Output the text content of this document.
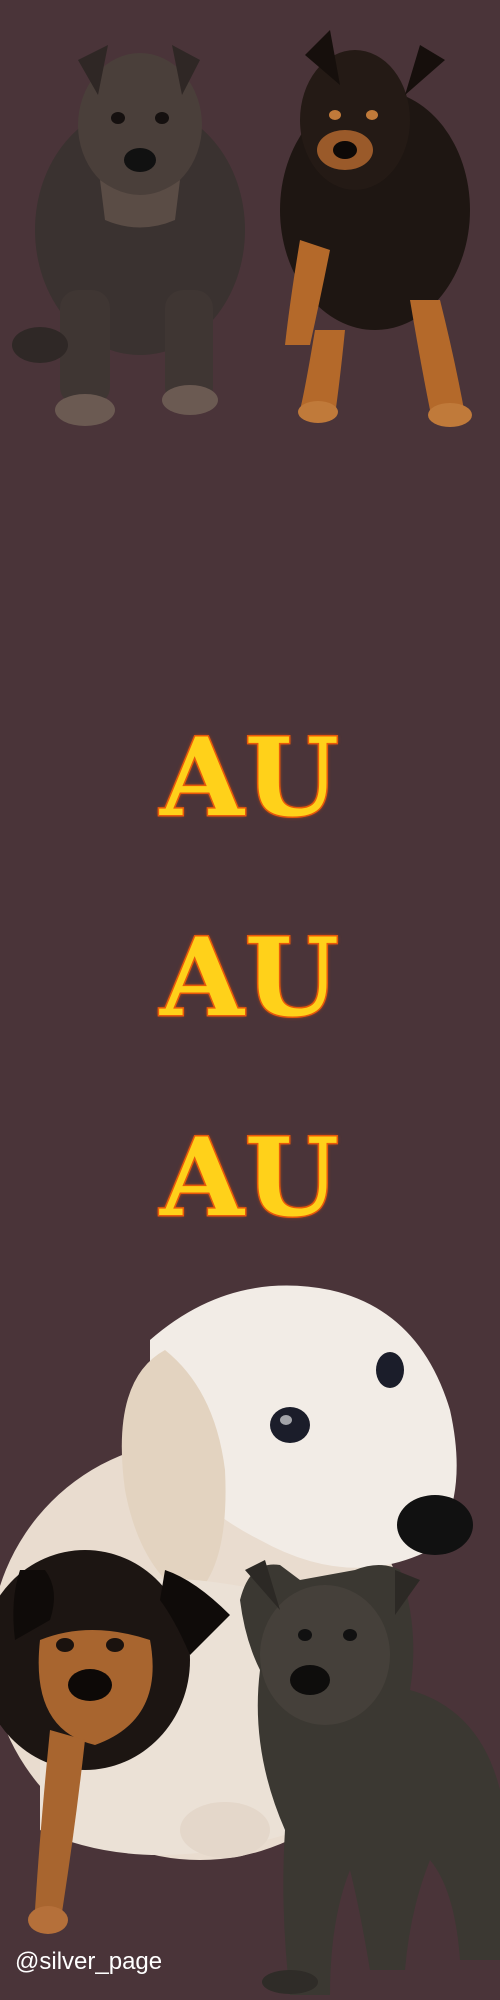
AU
AU
AU
@silver_page
